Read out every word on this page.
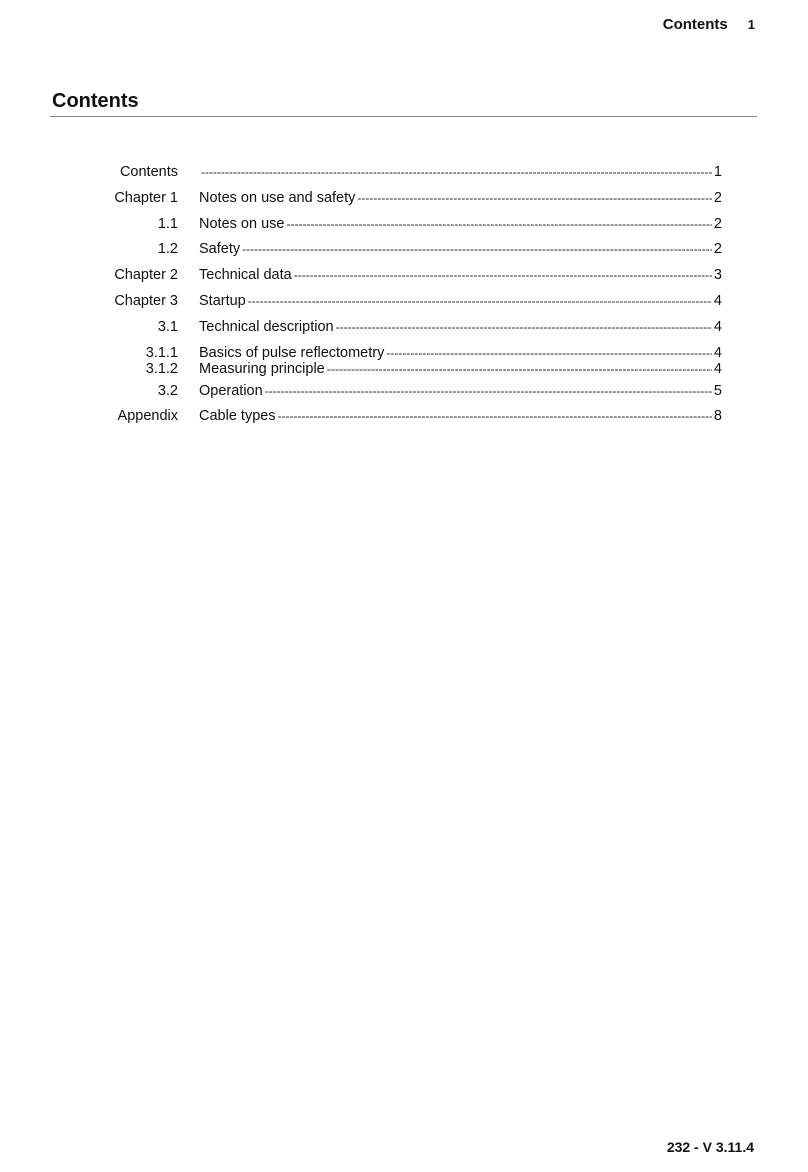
Contents 1
Contents
Contents -----	1
Chapter 1 Notes on use and safety -----	2
1.1 Notes on use -----	2
1.2 Safety -----	2
Chapter 2 Technical data -----	3
Chapter 3 Startup -----	4
3.1 Technical description -----	4
3.1.1 Basics of pulse reflectometry -----	4
3.1.2 Measuring principle -----	4
3.2 Operation -----	5
Appendix Cable types -----	8
232 - V 3.11.4
